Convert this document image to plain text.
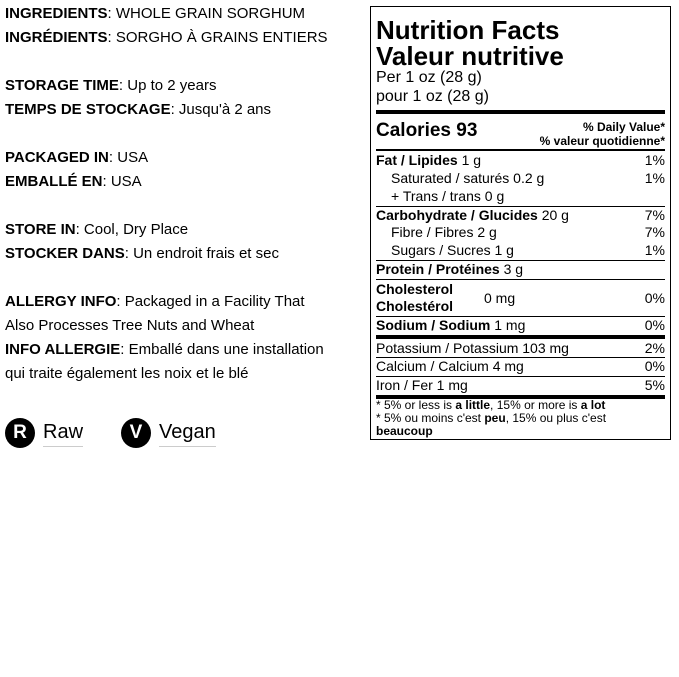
INGREDIENTS: WHOLE GRAIN SORGHUM
INGRÉDIENTS: SORGHO À GRAINS ENTIERS
STORAGE TIME: Up to 2 years
TEMPS DE STOCKAGE: Jusqu'à 2 ans
PACKAGED IN: USA
EMBALLÉ EN: USA
STORE IN: Cool, Dry Place
STOCKER DANS: Un endroit frais et sec
ALLERGY INFO: Packaged in a Facility That
Also Processes Tree Nuts and Wheat
INFO ALLERGIE: Emballé dans une installation
qui traite également les noix et le blé
R Raw	V Vegan
Nutrition Facts
Valeur nutritive
Per 1 oz (28 g)
pour 1 oz (28 g)
Calories 93	% Daily Value*
% valeur quotidienne*
Fat / Lipides 1 g	1%
Saturated / saturés 0.2 g	1%
+ Trans / trans 0 g
Carbohydrate / Glucides 20 g	7%
Fibre / Fibres 2 g	7%
Sugars / Sucres 1 g	1%
Protein / Protéines 3 g
Cholesterol
Cholestérol	0 mg	0%
Sodium / Sodium 1 mg	0%
Potassium / Potassium 103 mg	2%
Calcium / Calcium 4 mg	0%
Iron / Fer 1 mg	5%
* 5% or less is a little, 15% or more is a lot
* 5% ou moins c'est peu, 15% ou plus c'est beaucoup
